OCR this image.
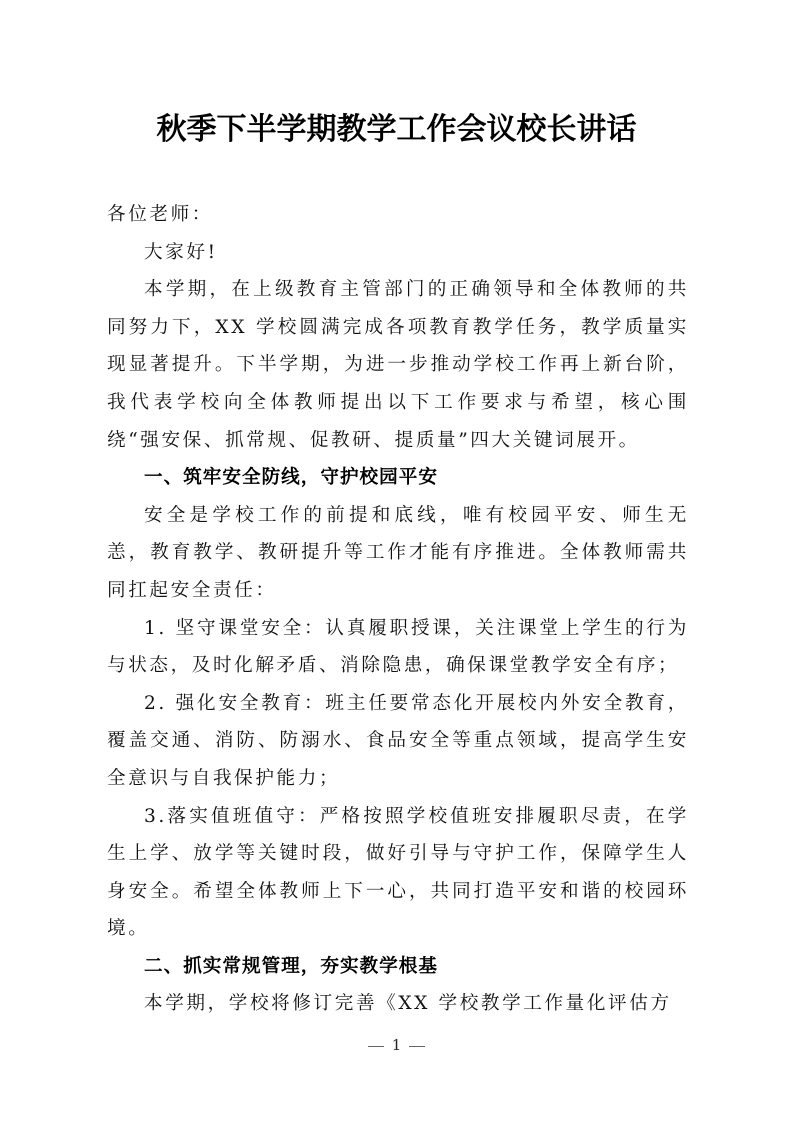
秋季下半学期教学工作会议校长讲话

各位老师：

大家好!

本学期，在上级教育主管部门的正确领导和全体教师的共同努力下，XX 学校圆满完成各项教育教学任务，教学质量实现显著提升。下半学期，为进一步推动学校工作再上新台阶，我代表学校向全体教师提出以下工作要求与希望，核心围绕“强安保、抓常规、促教研、提质量”四大关键词展开。

一、筑牢安全防线，守护校园平安

安全是学校工作的前提和底线，唯有校园平安、师生无恙，教育教学、教研提升等工作才能有序推进。全体教师需共同扛起安全责任：

1. 坚守课堂安全：认真履职授课，关注课堂上学生的行为与状态，及时化解矛盾、消除隐患，确保课堂教学安全有序；

2. 强化安全教育：班主任要常态化开展校内外安全教育，覆盖交通、消防、防溺水、食品安全等重点领域，提高学生安全意识与自我保护能力；

3.落实值班值守：严格按照学校值班安排履职尽责，在学生上学、放学等关键时段，做好引导与守护工作，保障学生人身安全。希望全体教师上下一心，共同打造平安和谐的校园环境。

二、抓实常规管理，夯实教学根基

本学期，学校将修订完善《XX 学校教学工作量化评估方

1
